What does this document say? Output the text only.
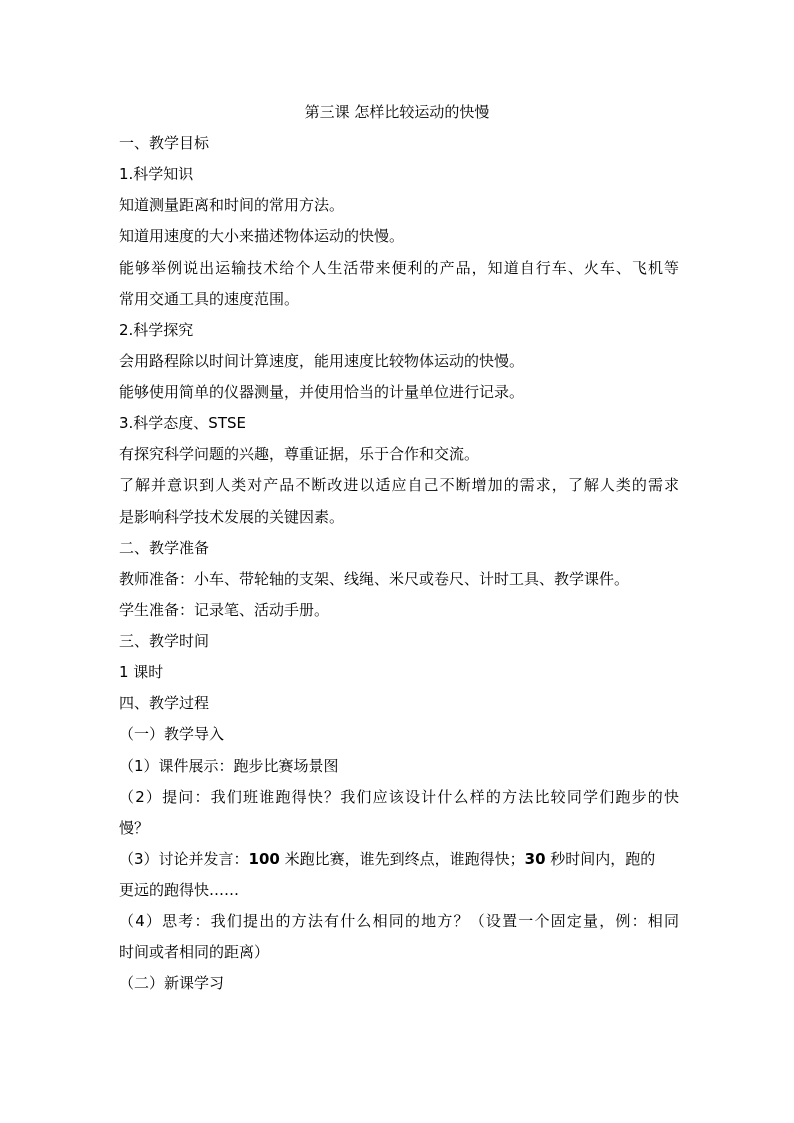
第三课 怎样比较运动的快慢
一、教学目标
1.科学知识
知道测量距离和时间的常用方法。
知道用速度的大小来描述物体运动的快慢。
能够举例说出运输技术给个人生活带来便利的产品，知道自行车、火车、飞机等
常用交通工具的速度范围。
2.科学探究
会用路程除以时间计算速度，能用速度比较物体运动的快慢。
能够使用简单的仪器测量，并使用恰当的计量单位进行记录。
3.科学态度、STSE
有探究科学问题的兴趣，尊重证据，乐于合作和交流。
了解并意识到人类对产品不断改进以适应自己不断增加的需求，了解人类的需求
是影响科学技术发展的关键因素。
二、教学准备
教师准备：小车、带轮轴的支架、线绳、米尺或卷尺、计时工具、教学课件。
学生准备：记录笔、活动手册。
三、教学时间
1 课时
四、教学过程
（一）教学导入
（1）课件展示：跑步比赛场景图
（2）提问：我们班谁跑得快？我们应该设计什么样的方法比较同学们跑步的快
慢？
（3）讨论并发言：100 米跑比赛，谁先到终点，谁跑得快；30 秒时间内，跑的
更远的跑得快……
（4）思考：我们提出的方法有什么相同的地方？（设置一个固定量，例：相同
时间或者相同的距离）
（二）新课学习
